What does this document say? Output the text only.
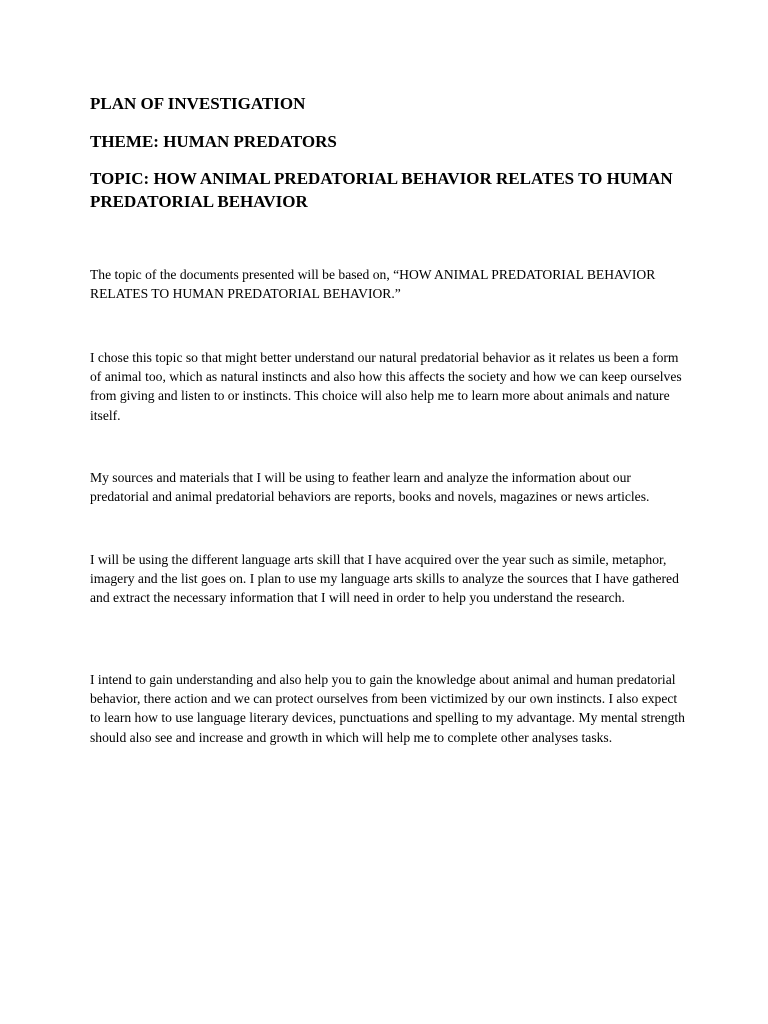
PLAN OF INVESTIGATION
THEME: HUMAN PREDATORS
TOPIC: HOW ANIMAL PREDATORIAL BEHAVIOR RELATES TO HUMAN PREDATORIAL BEHAVIOR

The topic of the documents presented will be based on, “HOW ANIMAL PREDATORIAL BEHAVIOR RELATES TO HUMAN PREDATORIAL BEHAVIOR.”

I chose this topic so that might better understand our natural predatorial behavior as it relates us been a form of animal too, which as natural instincts and also how this affects the society and how we can keep ourselves from giving and listen to or instincts. This choice will also help me to learn more about animals and nature itself.

My sources and materials that I will be using to feather learn and analyze the information about our predatorial and animal predatorial behaviors are reports, books and novels, magazines or news articles.

I will be using the different language arts skill that I have acquired over the year such as simile, metaphor, imagery and the list goes on. I plan to use my language arts skills to analyze the sources that I have gathered and extract the necessary information that I will need in order to help you understand the research.

I intend to gain understanding and also help you to gain the knowledge about animal and human predatorial behavior, there action and we can protect ourselves from been victimized by our own instincts. I also expect to learn how to use language literary devices, punctuations and spelling to my advantage. My mental strength should also see and increase and growth in which will help me to complete other analyses tasks.
